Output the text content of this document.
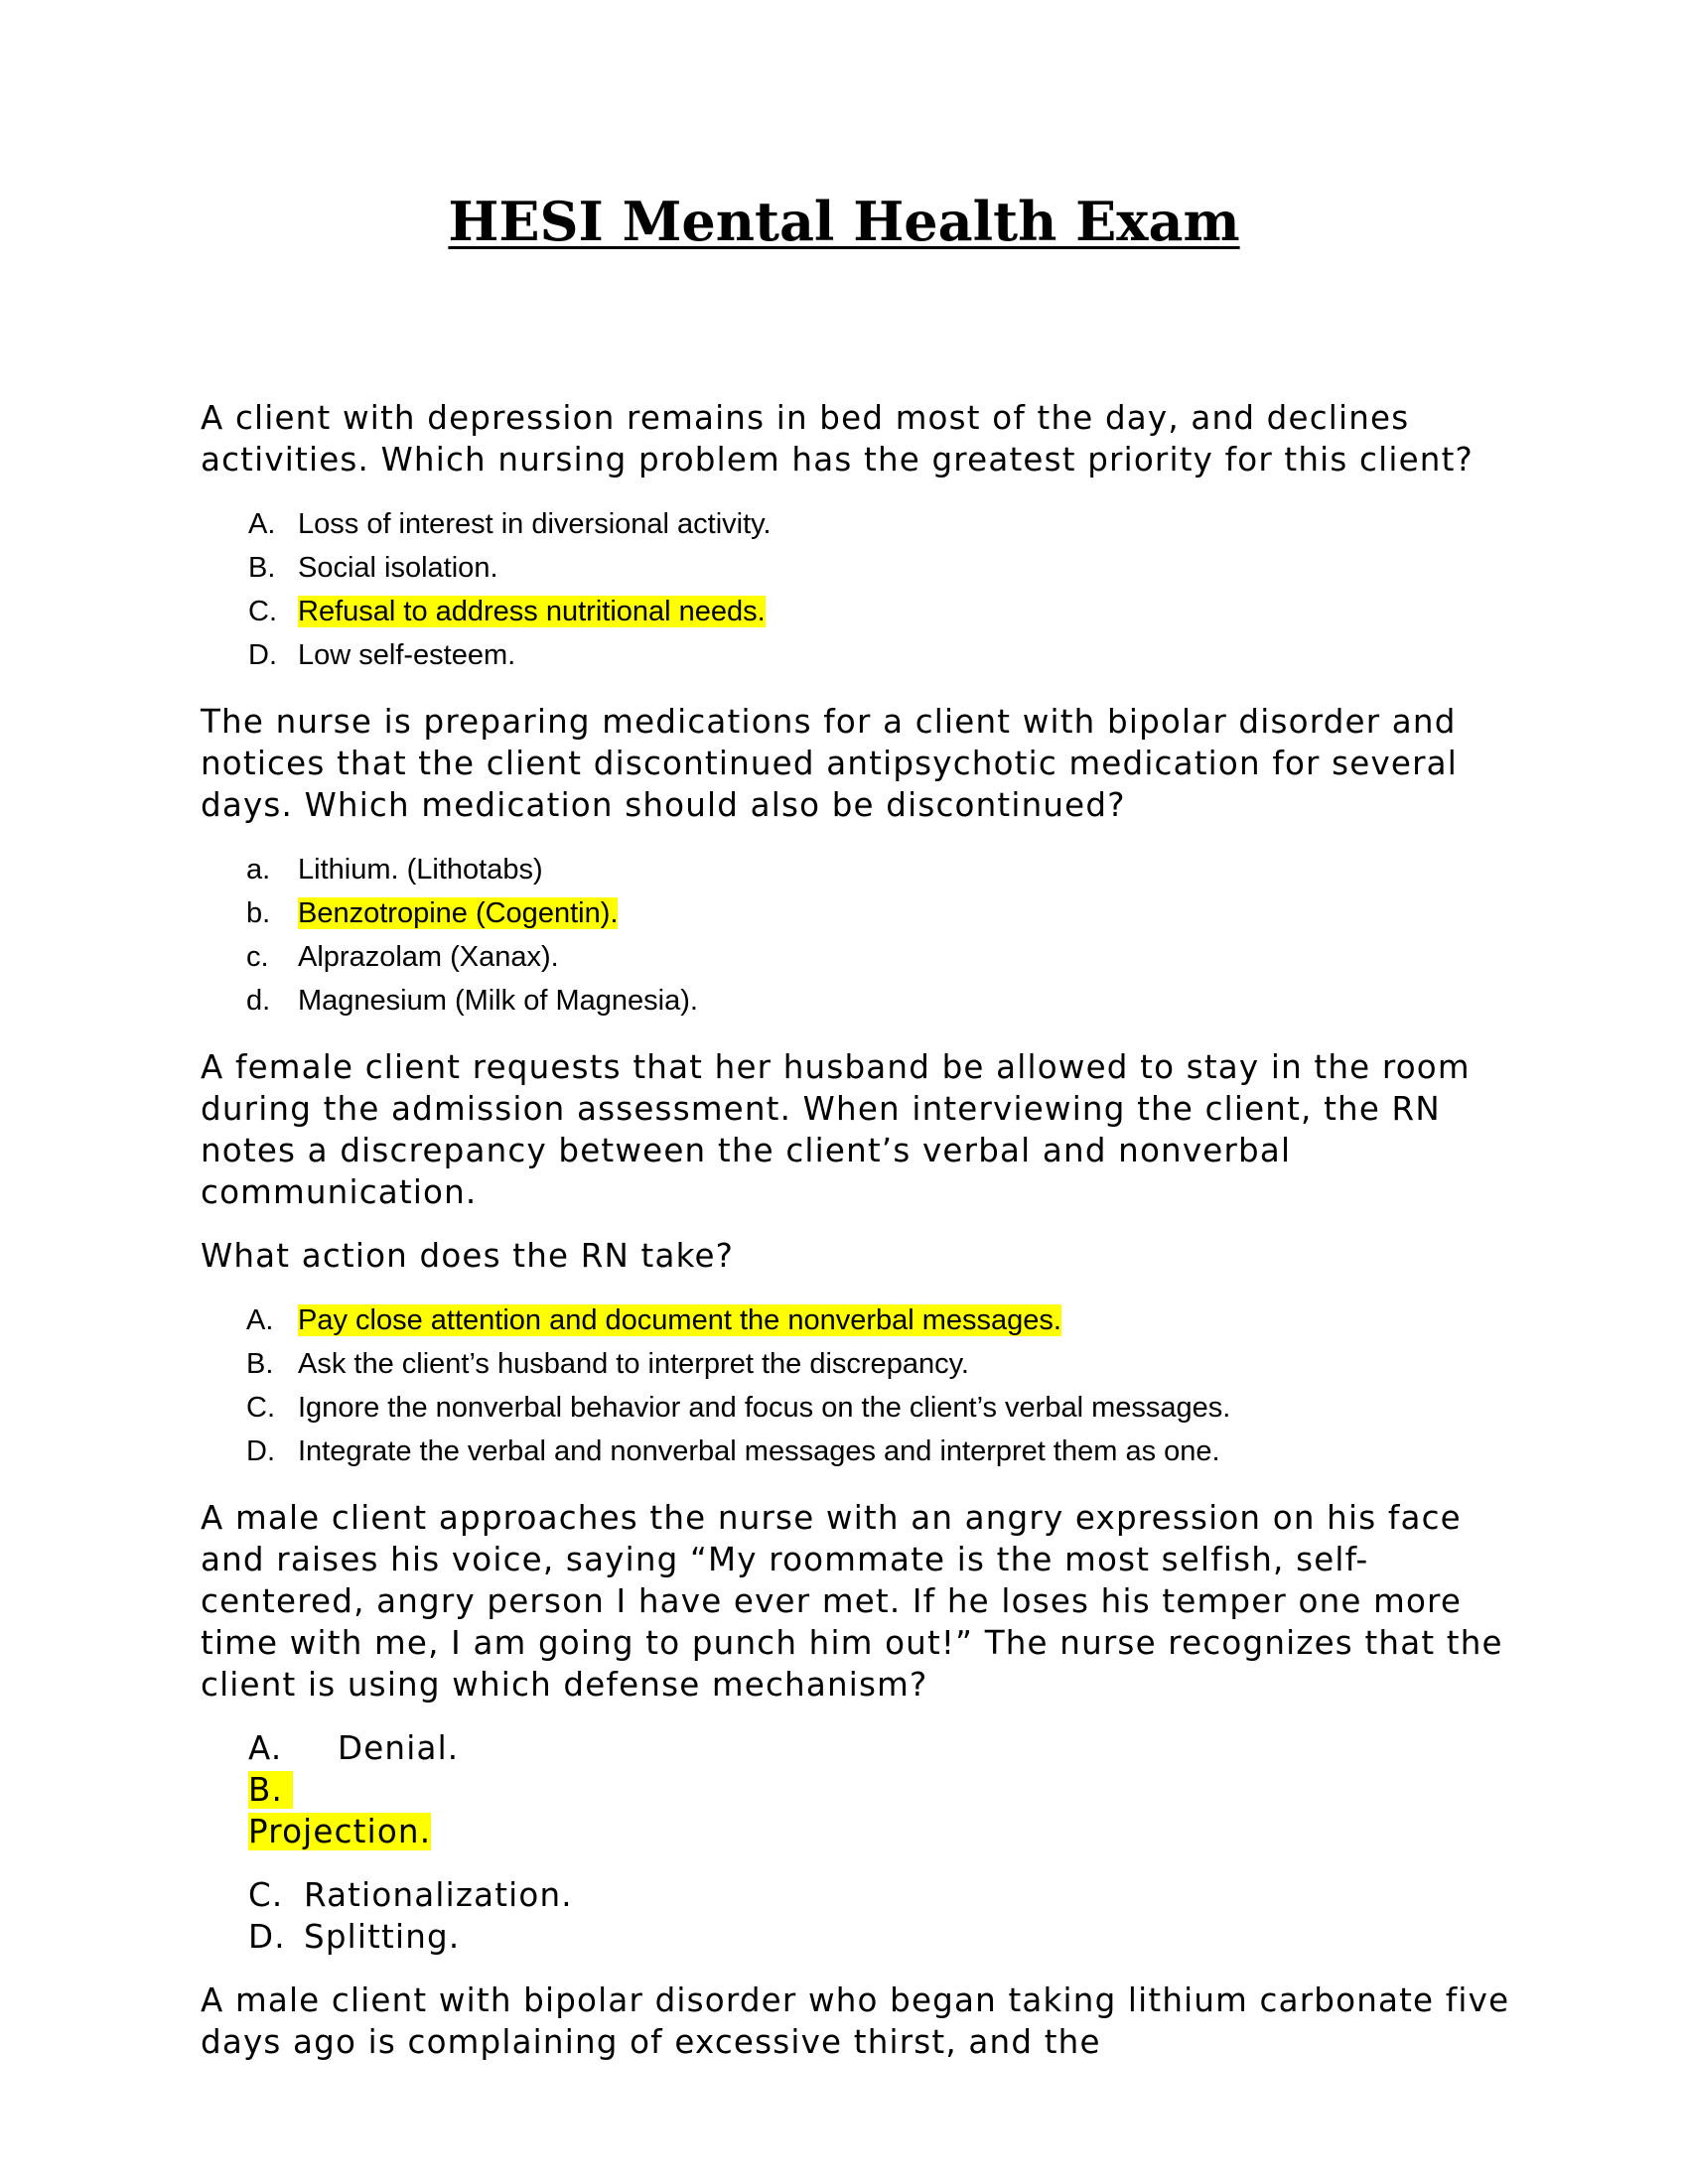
HESI Mental Health Exam

A client with depression remains in bed most of the day, and declines activities. Which nursing problem has the greatest priority for this client?

A. Loss of interest in diversional activity.
B. Social isolation.
C. Refusal to address nutritional needs.
D. Low self-esteem.

The nurse is preparing medications for a client with bipolar disorder and notices that the client discontinued antipsychotic medication for several days. Which medication should also be discontinued?

a. Lithium. (Lithotabs)
b. Benzotropine (Cogentin).
c. Alprazolam (Xanax).
d. Magnesium (Milk of Magnesia).

A female client requests that her husband be allowed to stay in the room during the admission assessment. When interviewing the client, the RN notes a discrepancy between the client’s verbal and nonverbal communication.

What action does the RN take?

A. Pay close attention and document the nonverbal messages.
B. Ask the client’s husband to interpret the discrepancy.
C. Ignore the nonverbal behavior and focus on the client’s verbal messages.
D. Integrate the verbal and nonverbal messages and interpret them as one.

A male client approaches the nurse with an angry expression on his face and raises his voice, saying “My roommate is the most selfish, self-centered, angry person I have ever met. If he loses his temper one more time with me, I am going to punch him out!” The nurse recognizes that the client is using which defense mechanism?

A. Denial.
B.
Projection.
C. Rationalization.
D. Splitting.

A male client with bipolar disorder who began taking lithium carbonate five days ago is complaining of excessive thirst, and the
